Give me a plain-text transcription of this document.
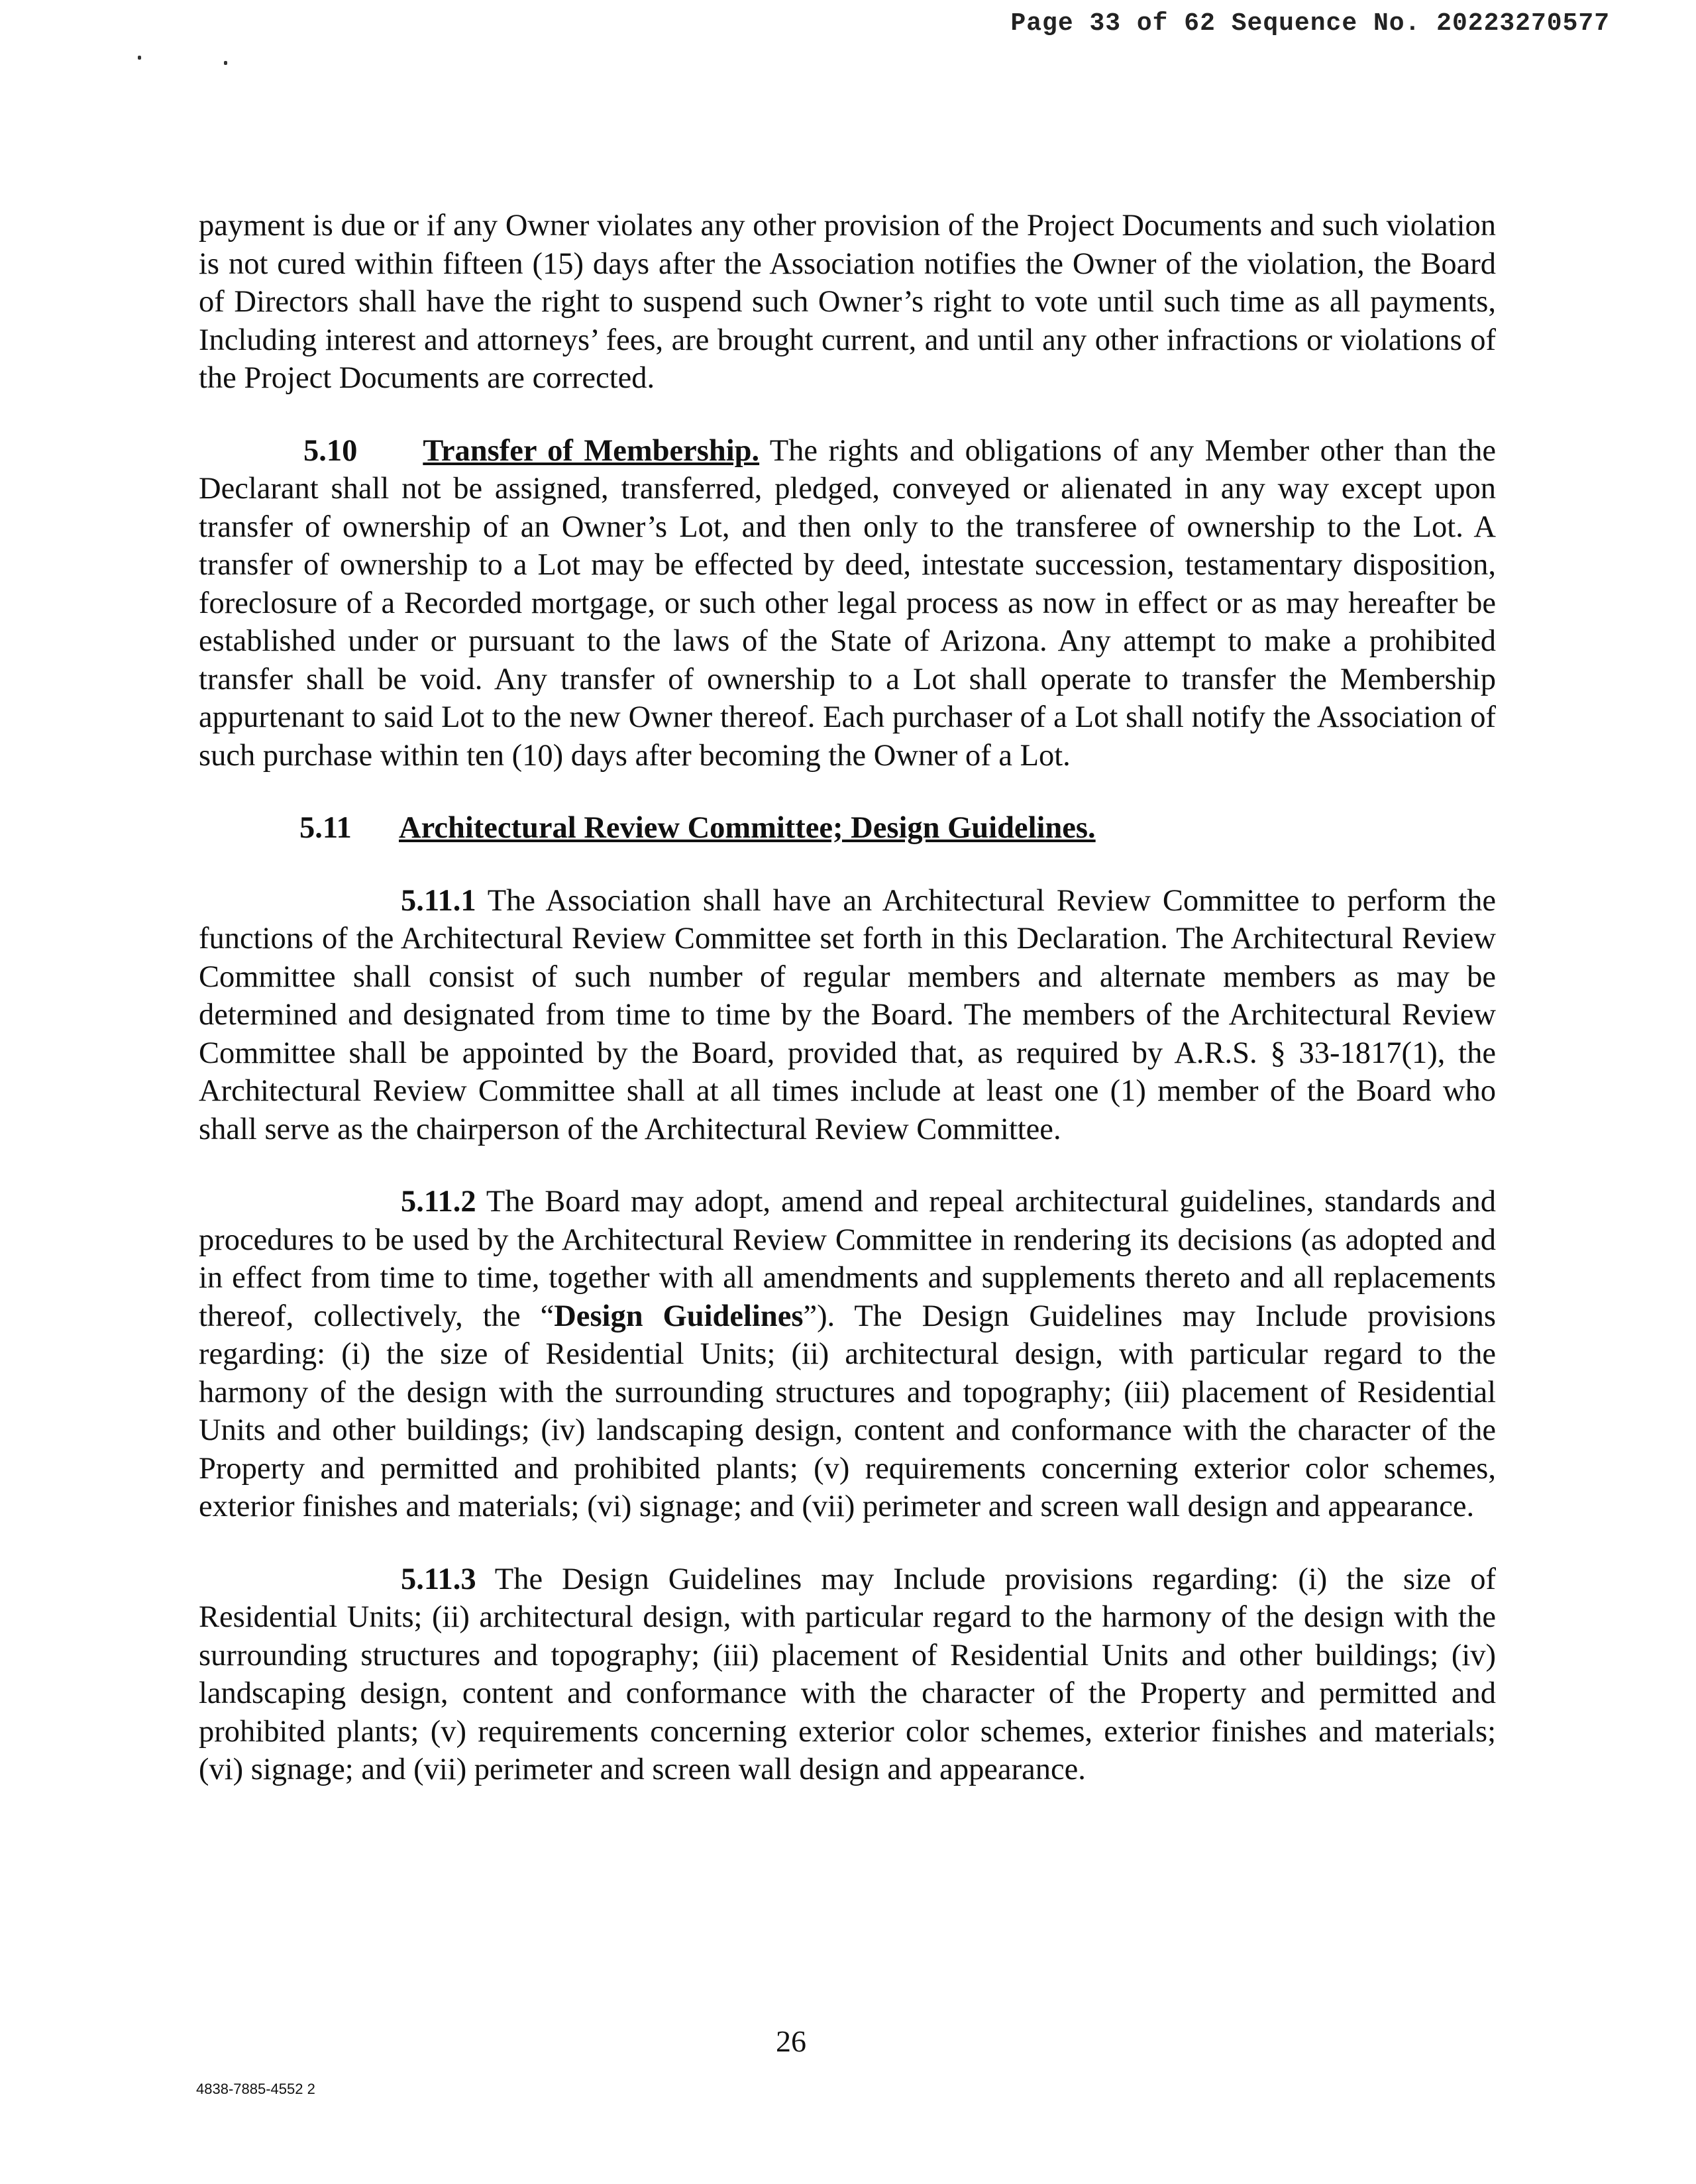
Page 33 of 62 Sequence No. 20223270577

payment is due or if any Owner violates any other provision of the Project Documents and such violation is not cured within fifteen (15) days after the Association notifies the Owner of the violation, the Board of Directors shall have the right to suspend such Owner’s right to vote until such time as all payments, Including interest and attorneys’ fees, are brought current, and until any other infractions or violations of the Project Documents are corrected.

5.10 Transfer of Membership. The rights and obligations of any Member other than the Declarant shall not be assigned, transferred, pledged, conveyed or alienated in any way except upon transfer of ownership of an Owner’s Lot, and then only to the transferee of ownership to the Lot. A transfer of ownership to a Lot may be effected by deed, intestate succession, testamentary disposition, foreclosure of a Recorded mortgage, or such other legal process as now in effect or as may hereafter be established under or pursuant to the laws of the State of Arizona. Any attempt to make a prohibited transfer shall be void. Any transfer of ownership to a Lot shall operate to transfer the Membership appurtenant to said Lot to the new Owner thereof. Each purchaser of a Lot shall notify the Association of such purchase within ten (10) days after becoming the Owner of a Lot.

5.11 Architectural Review Committee; Design Guidelines.

5.11.1 The Association shall have an Architectural Review Committee to perform the functions of the Architectural Review Committee set forth in this Declaration. The Architectural Review Committee shall consist of such number of regular members and alternate members as may be determined and designated from time to time by the Board. The members of the Architectural Review Committee shall be appointed by the Board, provided that, as required by A.R.S. § 33-1817(1), the Architectural Review Committee shall at all times include at least one (1) member of the Board who shall serve as the chairperson of the Architectural Review Committee.

5.11.2 The Board may adopt, amend and repeal architectural guidelines, standards and procedures to be used by the Architectural Review Committee in rendering its decisions (as adopted and in effect from time to time, together with all amendments and supplements thereto and all replacements thereof, collectively, the “Design Guidelines”). The Design Guidelines may Include provisions regarding: (i) the size of Residential Units; (ii) architectural design, with particular regard to the harmony of the design with the surrounding structures and topography; (iii) placement of Residential Units and other buildings; (iv) landscaping design, content and conformance with the character of the Property and permitted and prohibited plants; (v) requirements concerning exterior color schemes, exterior finishes and materials; (vi) signage; and (vii) perimeter and screen wall design and appearance.

5.11.3 The Design Guidelines may Include provisions regarding: (i) the size of Residential Units; (ii) architectural design, with particular regard to the harmony of the design with the surrounding structures and topography; (iii) placement of Residential Units and other buildings; (iv) landscaping design, content and conformance with the character of the Property and permitted and prohibited plants; (v) requirements concerning exterior color schemes, exterior finishes and materials; (vi) signage; and (vii) perimeter and screen wall design and appearance.

26
4838-7885-4552 2
